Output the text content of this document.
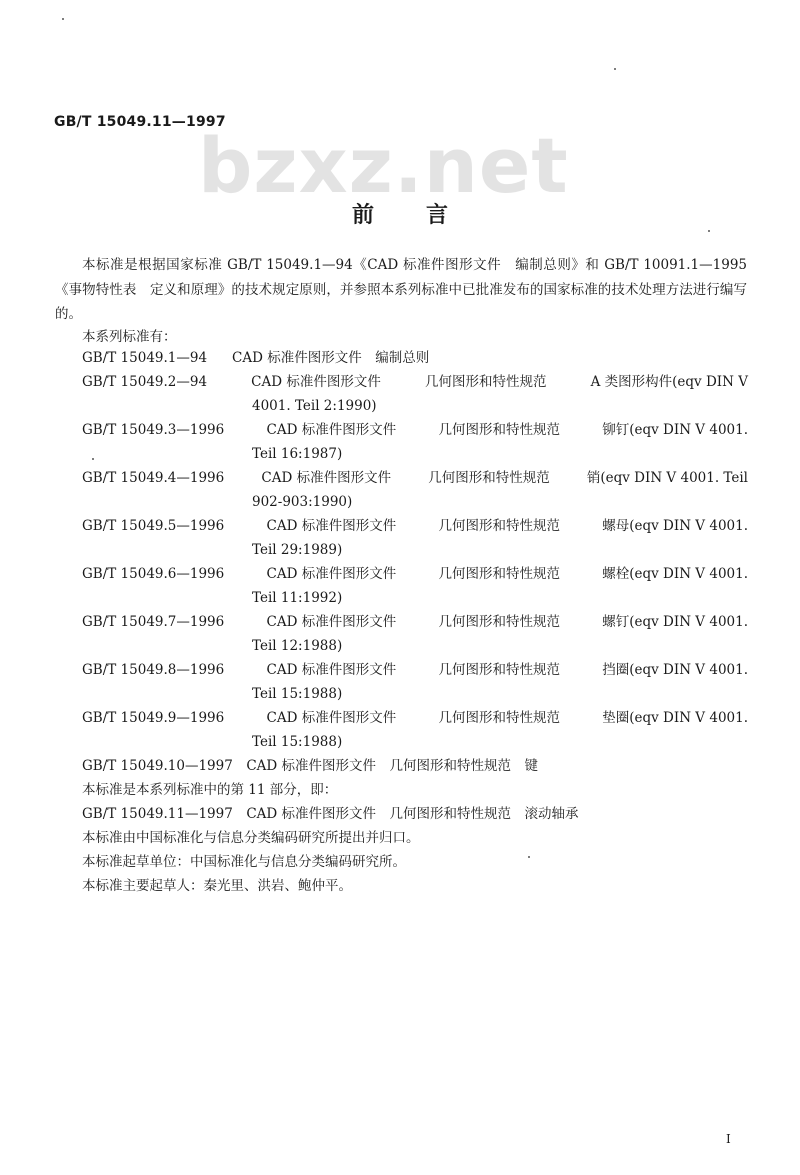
GB/T 15049.11—1997
bzxz.net
前言
本标准是根据国家标准 GB/T 15049.1—94《CAD 标准件图形文件　编制总则》和 GB/T 10091.1—1995《事物特性表　定义和原理》的技术规定原则，并参照本系列标准中已批准发布的国家标准的技术处理方法进行编写的。
本系列标准有：
GB/T 15049.1—94	CAD 标准件图形文件　编制总则
GB/T 15049.2—94	CAD 标准件图形文件	几何图形和特性规范	A 类图形构件(eqv DIN V
4001. Teil 2:1990)
GB/T 15049.3—1996	CAD 标准件图形文件	几何图形和特性规范	铆钉(eqv DIN V 4001.
Teil 16:1987)
GB/T 15049.4—1996	CAD 标准件图形文件	几何图形和特性规范	销(eqv DIN V 4001. Teil
902-903:1990)
GB/T 15049.5—1996	CAD 标准件图形文件	几何图形和特性规范	螺母(eqv DIN V 4001.
Teil 29:1989)
GB/T 15049.6—1996	CAD 标准件图形文件	几何图形和特性规范	螺栓(eqv DIN V 4001.
Teil 11:1992)
GB/T 15049.7—1996	CAD 标准件图形文件	几何图形和特性规范	螺钉(eqv DIN V 4001.
Teil 12:1988)
GB/T 15049.8—1996	CAD 标准件图形文件	几何图形和特性规范	挡圈(eqv DIN V 4001.
Teil 15:1988)
GB/T 15049.9—1996	CAD 标准件图形文件	几何图形和特性规范	垫圈(eqv DIN V 4001.
Teil 15:1988)
GB/T 15049.10—1997　CAD 标准件图形文件　几何图形和特性规范　键
本标准是本系列标准中的第 11 部分，即：
GB/T 15049.11—1997　CAD 标准件图形文件　几何图形和特性规范　滚动轴承
本标准由中国标准化与信息分类编码研究所提出并归口。
本标准起草单位：中国标准化与信息分类编码研究所。
本标准主要起草人：秦光里、洪岩、鲍仲平。
I
